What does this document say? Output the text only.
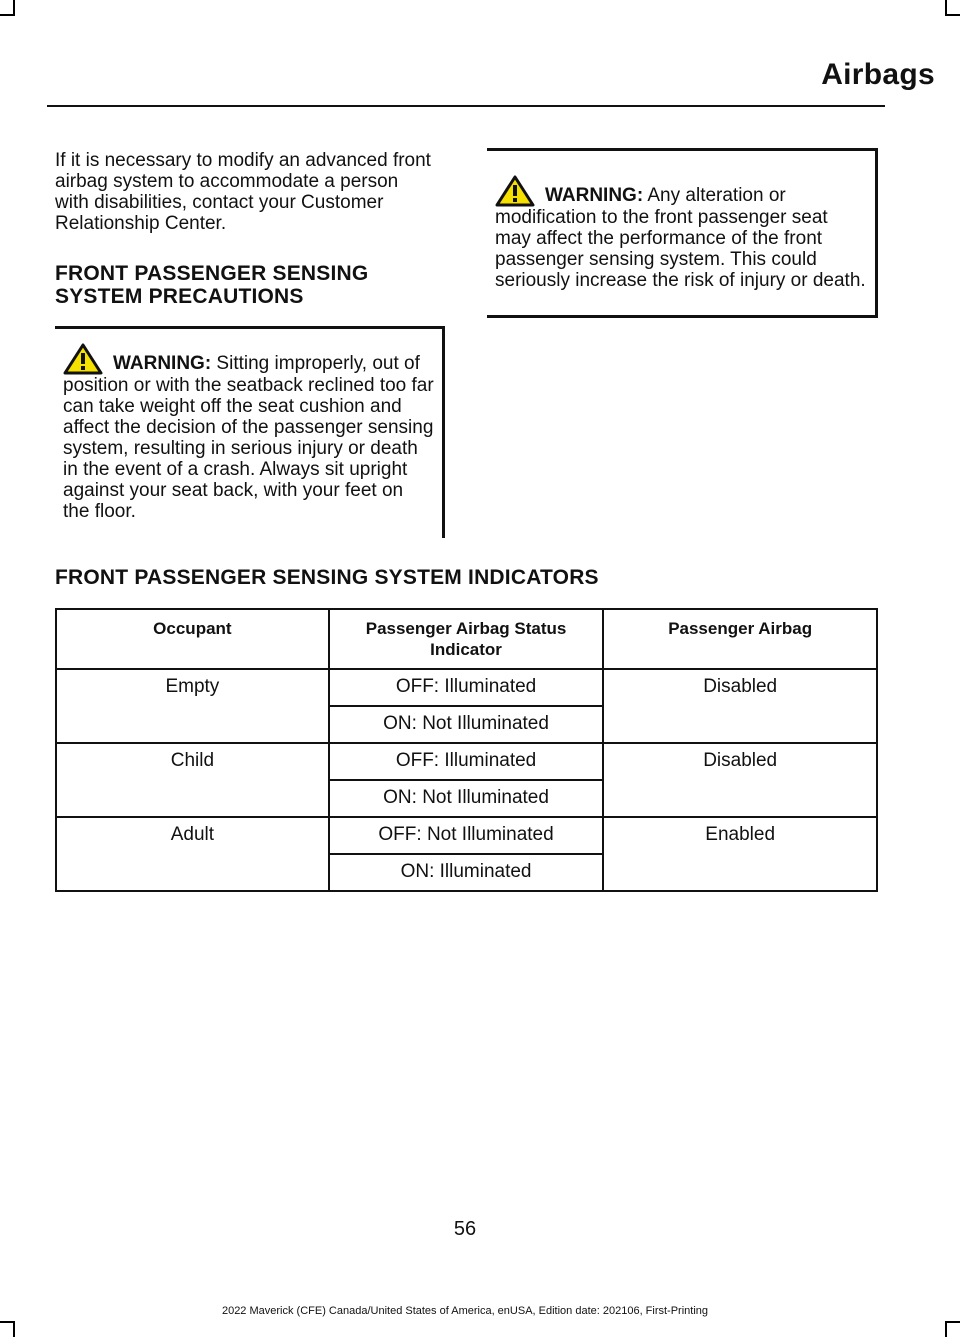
Airbags
If it is necessary to modify an advanced front airbag system to accommodate a person with disabilities, contact your Customer Relationship Center.
FRONT PASSENGER SENSING SYSTEM PRECAUTIONS
WARNING: Sitting improperly, out of position or with the seatback reclined too far can take weight off the seat cushion and affect the decision of the passenger sensing system, resulting in serious injury or death in the event of a crash. Always sit upright against your seat back, with your feet on the floor.
WARNING: Any alteration or modification to the front passenger seat may affect the performance of the front passenger sensing system. This could seriously increase the risk of injury or death.
FRONT PASSENGER SENSING SYSTEM INDICATORS
Occupant	Passenger Airbag Status Indicator	Passenger Airbag
Empty	OFF: Illuminated	Disabled
	ON: Not Illuminated	
Child	OFF: Illuminated	Disabled
	ON: Not Illuminated	
Adult	OFF: Not Illuminated	Enabled
	ON: Illuminated	
56
2022 Maverick (CFE) Canada/United States of America, enUSA, Edition date: 202106, First-Printing
